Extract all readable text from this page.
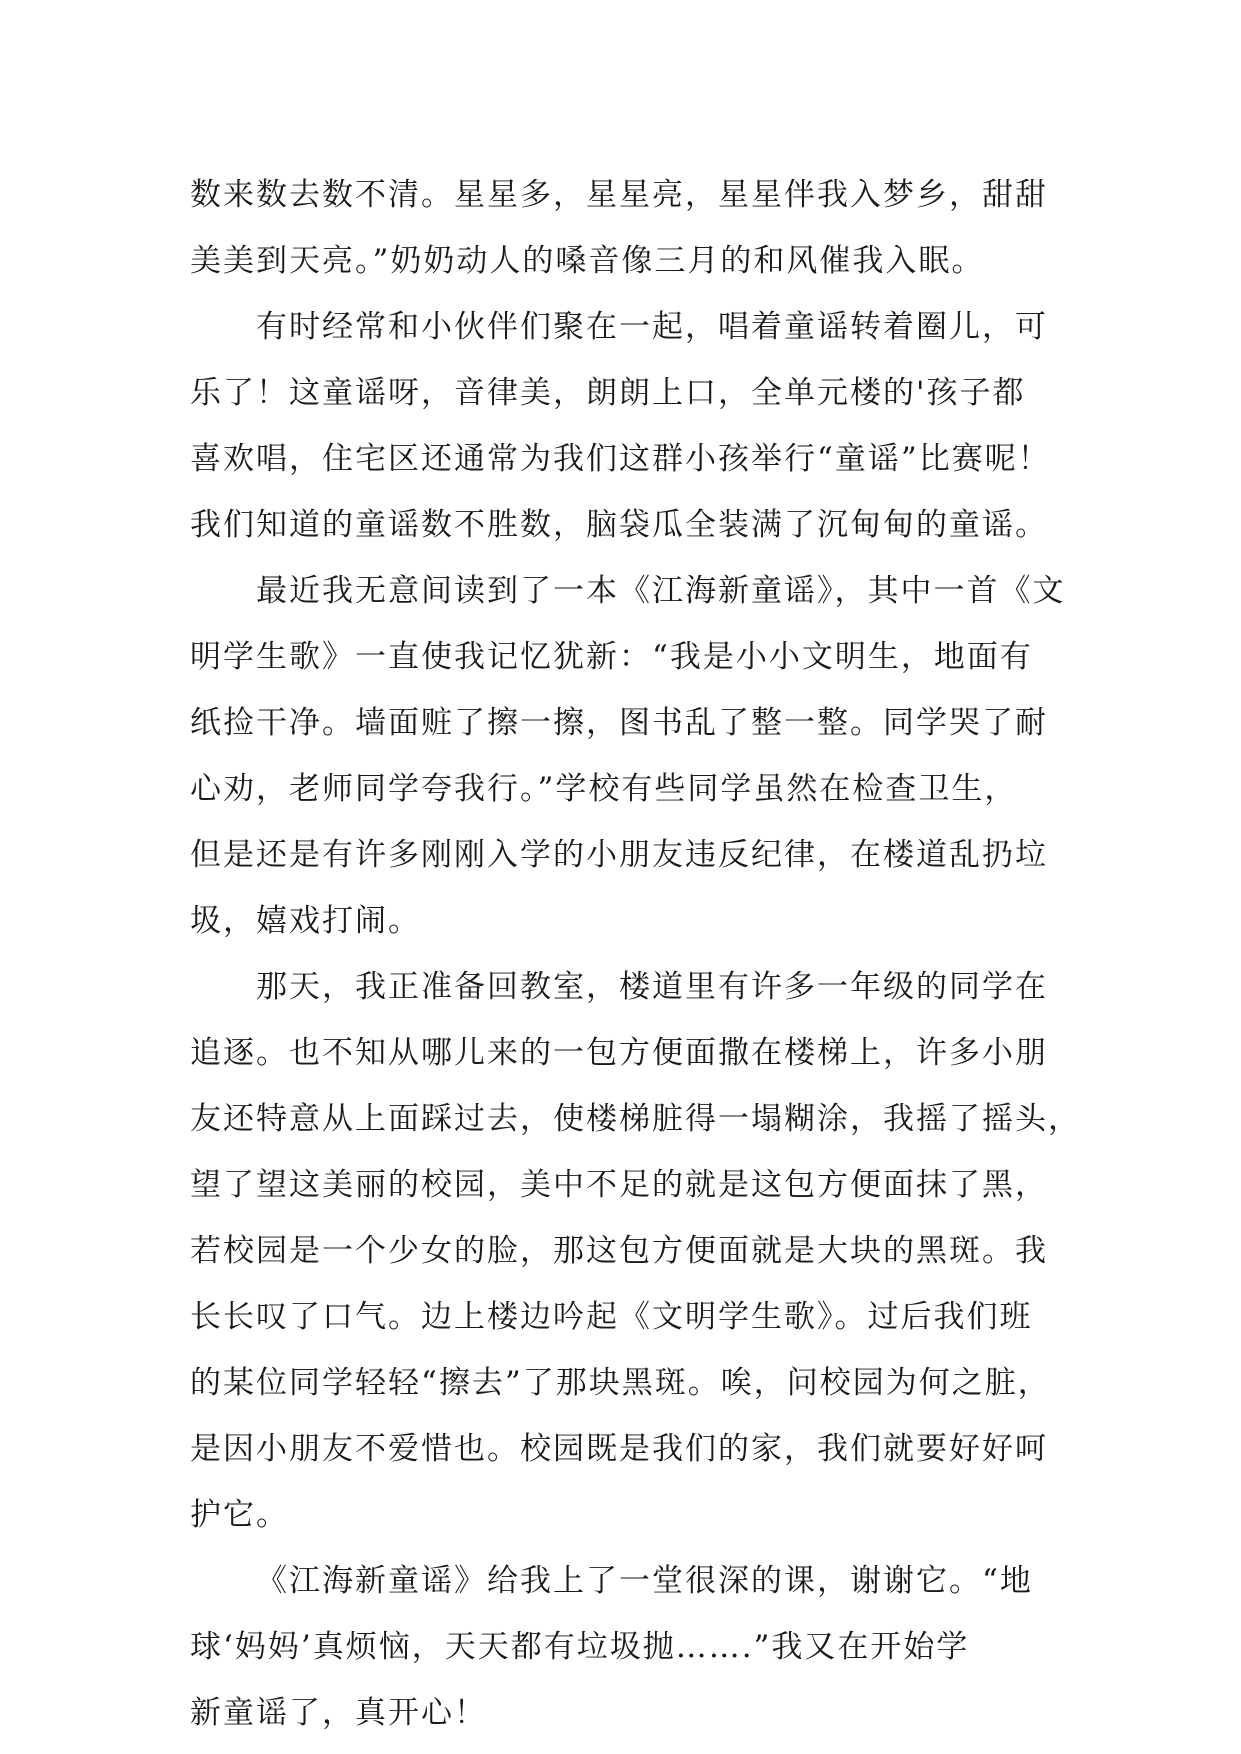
数来数去数不清。星星多，星星亮，星星伴我入梦乡，甜甜
美美到天亮。”奶奶动人的嗓音像三月的和风催我入眠。
有时经常和小伙伴们聚在一起，唱着童谣转着圈儿，可
乐了！这童谣呀，音律美，朗朗上口，全单元楼的'孩子都
喜欢唱，住宅区还通常为我们这群小孩举行“童谣”比赛呢！
我们知道的童谣数不胜数，脑袋瓜全装满了沉甸甸的童谣。
最近我无意间读到了一本《江海新童谣》，其中一首《文
明学生歌》一直使我记忆犹新：“我是小小文明生，地面有
纸捡干净。墙面赃了擦一擦，图书乱了整一整。同学哭了耐
心劝，老师同学夸我行。”学校有些同学虽然在检查卫生，
但是还是有许多刚刚入学的小朋友违反纪律，在楼道乱扔垃
圾，嬉戏打闹。
那天，我正准备回教室，楼道里有许多一年级的同学在
追逐。也不知从哪儿来的一包方便面撒在楼梯上，许多小朋
友还特意从上面踩过去，使楼梯脏得一塌糊涂，我摇了摇头，
望了望这美丽的校园，美中不足的就是这包方便面抹了黑，
若校园是一个少女的脸，那这包方便面就是大块的黑斑。我
长长叹了口气。边上楼边吟起《文明学生歌》。过后我们班
的某位同学轻轻“擦去”了那块黑斑。唉，问校园为何之脏，
是因小朋友不爱惜也。校园既是我们的家，我们就要好好呵
护它。
《江海新童谣》给我上了一堂很深的课，谢谢它。“地
球‘妈妈’真烦恼，天天都有垃圾抛…….”我又在开始学
新童谣了，真开心！
